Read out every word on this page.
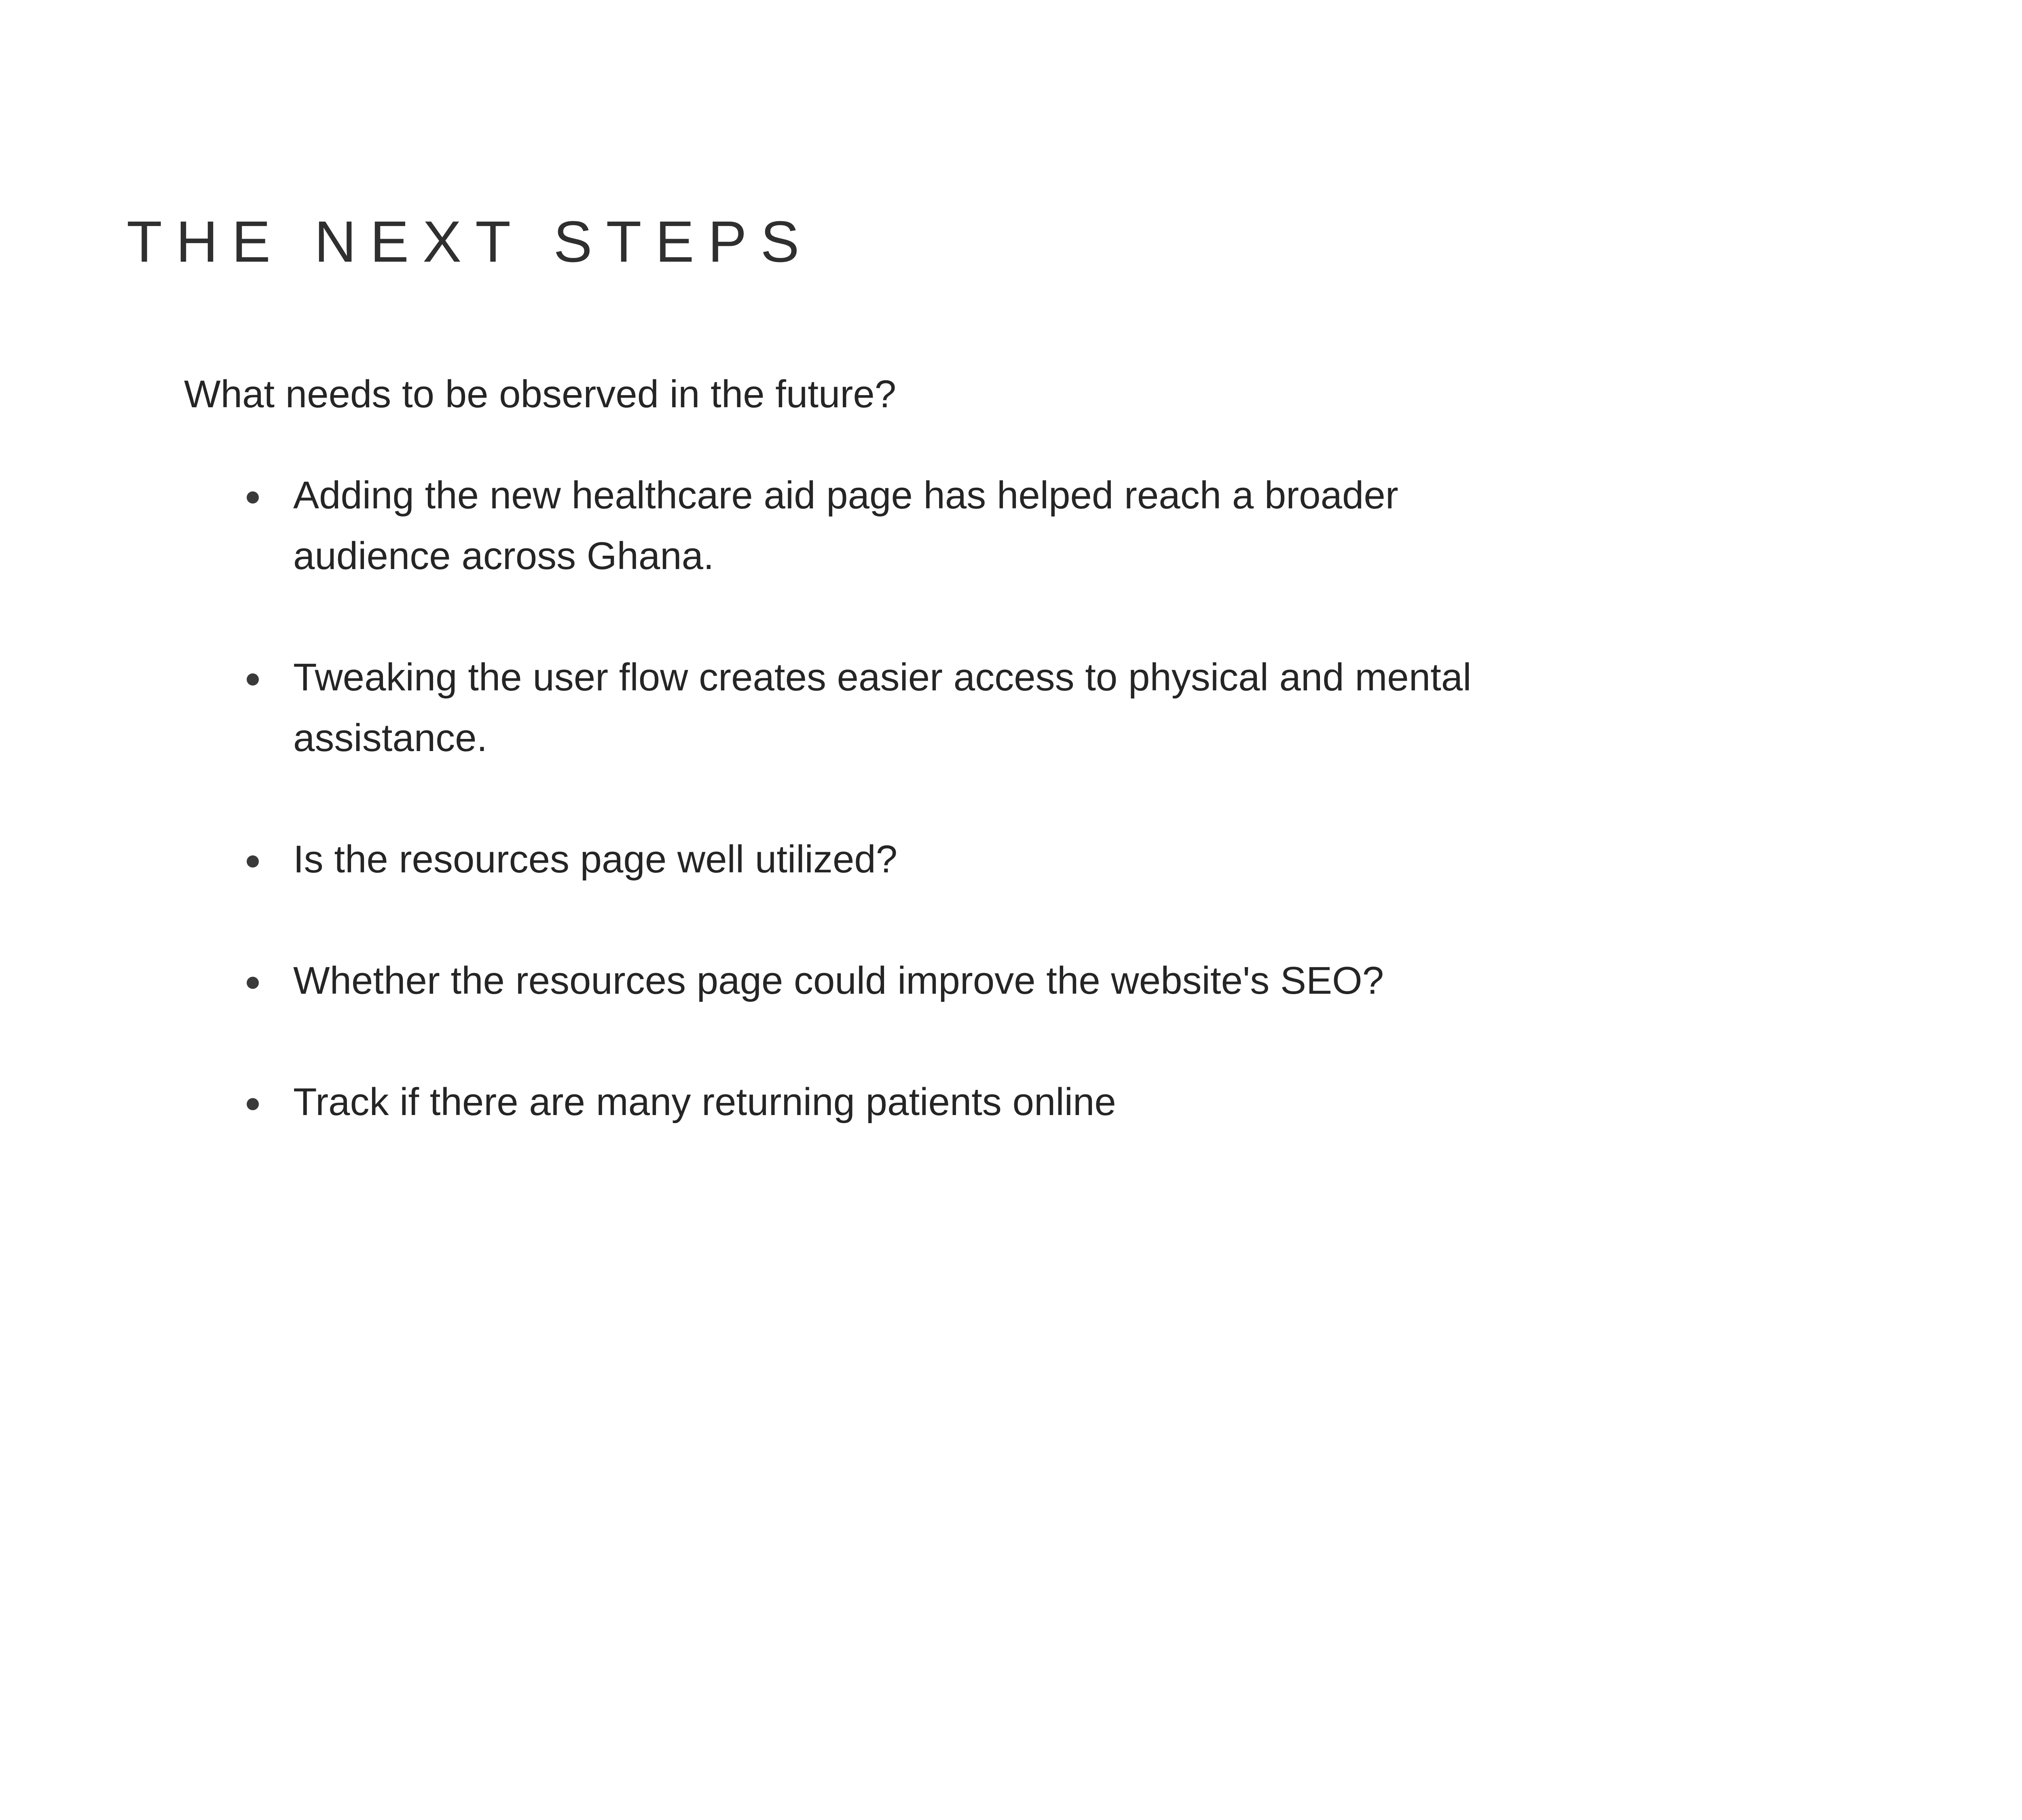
THE NEXT STEPS

What needs to be observed in the future?

Adding the new healthcare aid page has helped reach a broader audience across Ghana.
Tweaking the user flow creates easier access to physical and mental assistance.
Is the resources page well utilized?
Whether the resources page could improve the website's SEO?
Track if there are many returning patients online
